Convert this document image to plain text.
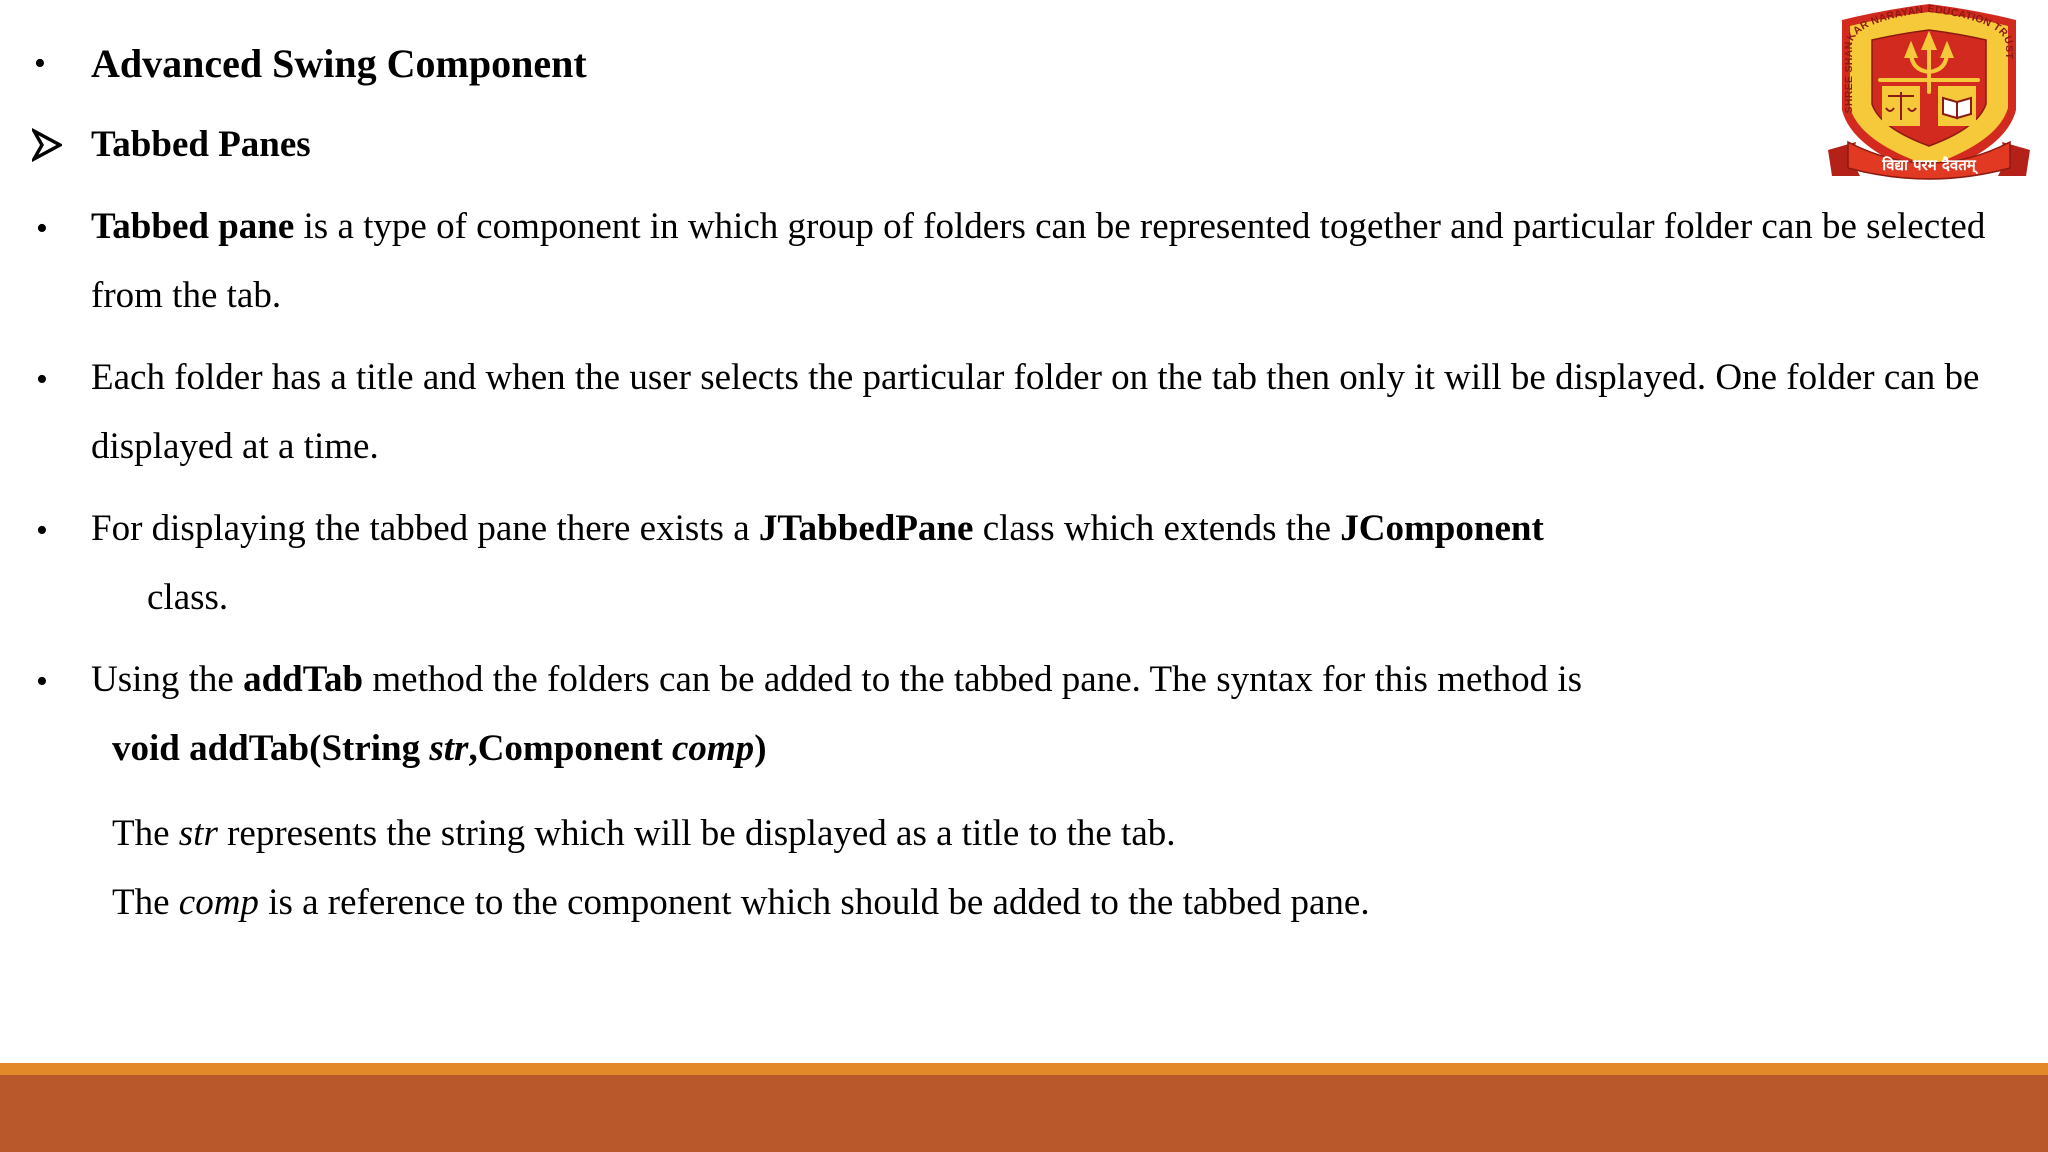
• Advanced Swing Component
Tabbed Panes
• Tabbed pane is a type of component in which group of folders can be represented together and particular folder can be selected
from the tab.
• Each folder has a title and when the user selects the particular folder on the tab then only it will be displayed. One folder can be
displayed at a time.
• For displaying the tabbed pane there exists a JTabbedPane class which extends the JComponent
class.
• Using the addTab method the folders can be added to the tabbed pane. The syntax for this method is
void addTab(String str,Component comp)
The str represents the string which will be displayed as a title to the tab.
The comp is a reference to the component which should be added to the tabbed pane.
SHREE SHANKAR NARAYAN EDUCATION TRUST
विद्या परम दैवतम्
